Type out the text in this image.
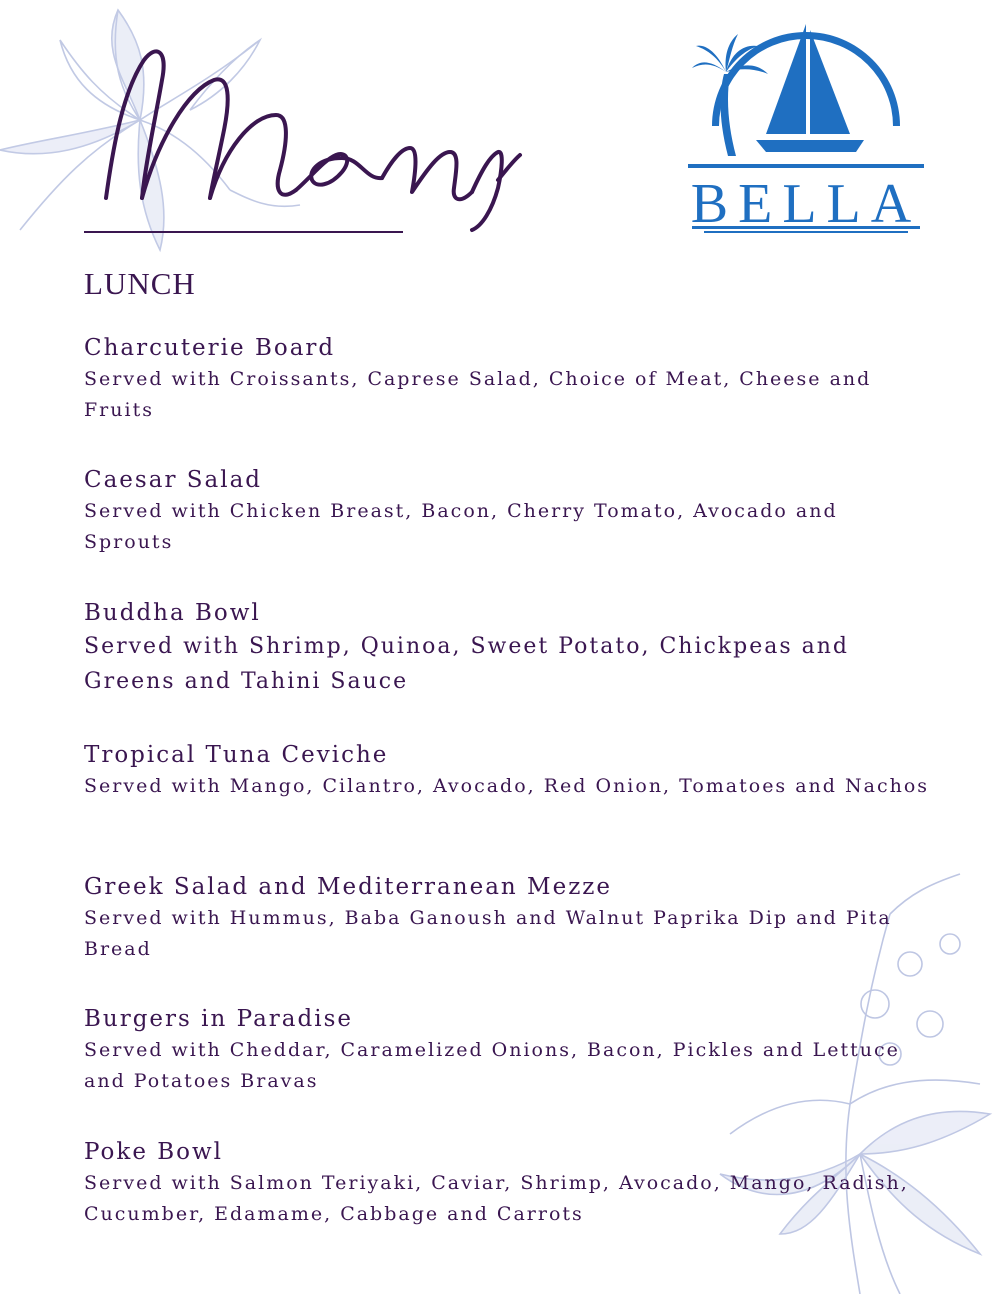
BELLA
LUNCH
Charcuterie Board
Served with Croissants, Caprese Salad, Choice of Meat, Cheese and Fruits
Caesar Salad
Served with Chicken Breast, Bacon, Cherry Tomato, Avocado and Sprouts
Buddha Bowl
Served with Shrimp, Quinoa, Sweet Potato, Chickpeas and Greens and Tahini Sauce
Tropical Tuna Ceviche
Served with Mango, Cilantro, Avocado, Red Onion, Tomatoes and Nachos
Greek Salad and Mediterranean Mezze
Served with Hummus, Baba Ganoush and Walnut Paprika Dip and Pita Bread
Burgers in Paradise
Served with Cheddar, Caramelized Onions, Bacon, Pickles and Lettuce and Potatoes Bravas
Poke Bowl
Served with Salmon Teriyaki, Caviar, Shrimp, Avocado, Mango, Radish, Cucumber, Edamame, Cabbage and Carrots
